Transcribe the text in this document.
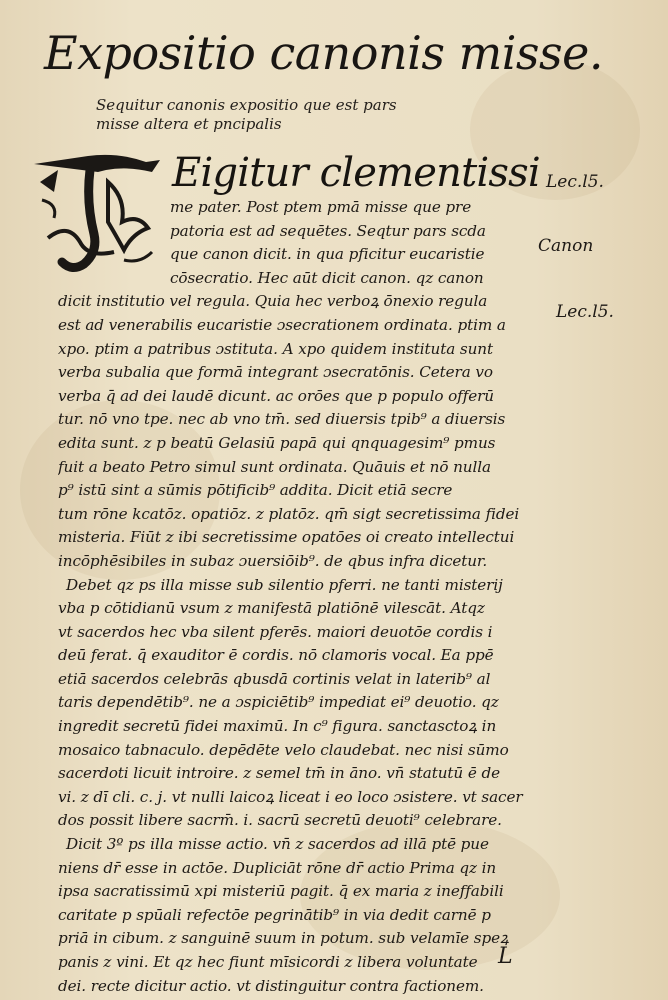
Expositio canonis misse.
Sequitur canonis expositio que est pars
misse altera et pncipalis
Eigitur clementissi Lec.l5.
Canon
Lec.l5.
me pater. Post ptem pmā misse que pre
patoria est ad sequētes. Seqtur pars scda
que canon dicit. in qua pficitur eucaristie
cōsecratio. Hec aūt dicit canon. qz canon
dicit institutio vel regula. Quia hec verboꝝ ōnexio regula
est ad venerabilis eucaristie ɔsecrationem ordinata. ptim a
xpo. ptim a patribus ɔstituta. A xpo quidem instituta sunt
verba subalia que formā integrant ɔsecratōnis. Cetera vo
verba q̄ ad dei laudē dicunt. ac orōes que p populo offerū
tur. nō vno tpe. nec ab vno tm̄. sed diuersis tpib⁹ a diuersis
edita sunt. z p beatū Gelasiū papā qui qnquagesim⁹ pmus
fuit a beato Petro simul sunt ordinata. Quāuis et nō nulla
p⁹ istū sint a sūmis pōtificib⁹ addita. Dicit etiā secre
tum rōne kcatōz. opatiōz. z platōz. qm̄ sigt secretissima fidei
misteria. Fiūt z ibi secretissime opatōes oi creato intellectui
incōphēsibiles in subaz ɔuersiōib⁹. de qbus infra dicetur.
Debet qz ps illa misse sub silentio pferri. ne tanti misterij
vba p cōtidianū vsum z manifestā platiōnē vilescāt. Atqz
vt sacerdos hec vba silent pferēs. maiori deuotōe cordis i
deū ferat. q̄ exauditor ē cordis. nō clamoris vocal. Ea ppē
etiā sacerdos celebrās qbusdā cortinis velat in laterib⁹ al
taris dependētib⁹. ne a ɔspiciētib⁹ impediat ei⁹ deuotio. qz
ingredit secretū fidei maximū. In c⁹ figura. sanctasctoꝝ in
mosaico tabnaculo. depēdēte velo claudebat. nec nisi sūmo
sacerdoti licuit introire. z semel tm̄ in āno. vn̄ statutū ē de
vi. z dī cli. c. j. vt nulli laicoꝝ liceat i eo loco ɔsistere. vt sacer
dos possit libere sacrm̄. i. sacrū secretū deuoti⁹ celebrare.
Dicit 3º ps illa misse actio. vn̄ z sacerdos ad illā ptē pue
niens dr̄ esse in actōe. Dupliciāt rōne dr̄ actio Prima qz in
ipsa sacratissimū xpi misteriū pagit. q̄ ex maria z ineffabili
caritate p spūali refectōe pegrinātib⁹ in via dedit carnē p
priā in cibum. z sanguinē suum in potum. sub velamīe speꝝ
panis z vini. Et qz hec fiunt mīsicordi z libera voluntate
dei. recte dicitur actio. vt distinguitur contra factionem.
L
